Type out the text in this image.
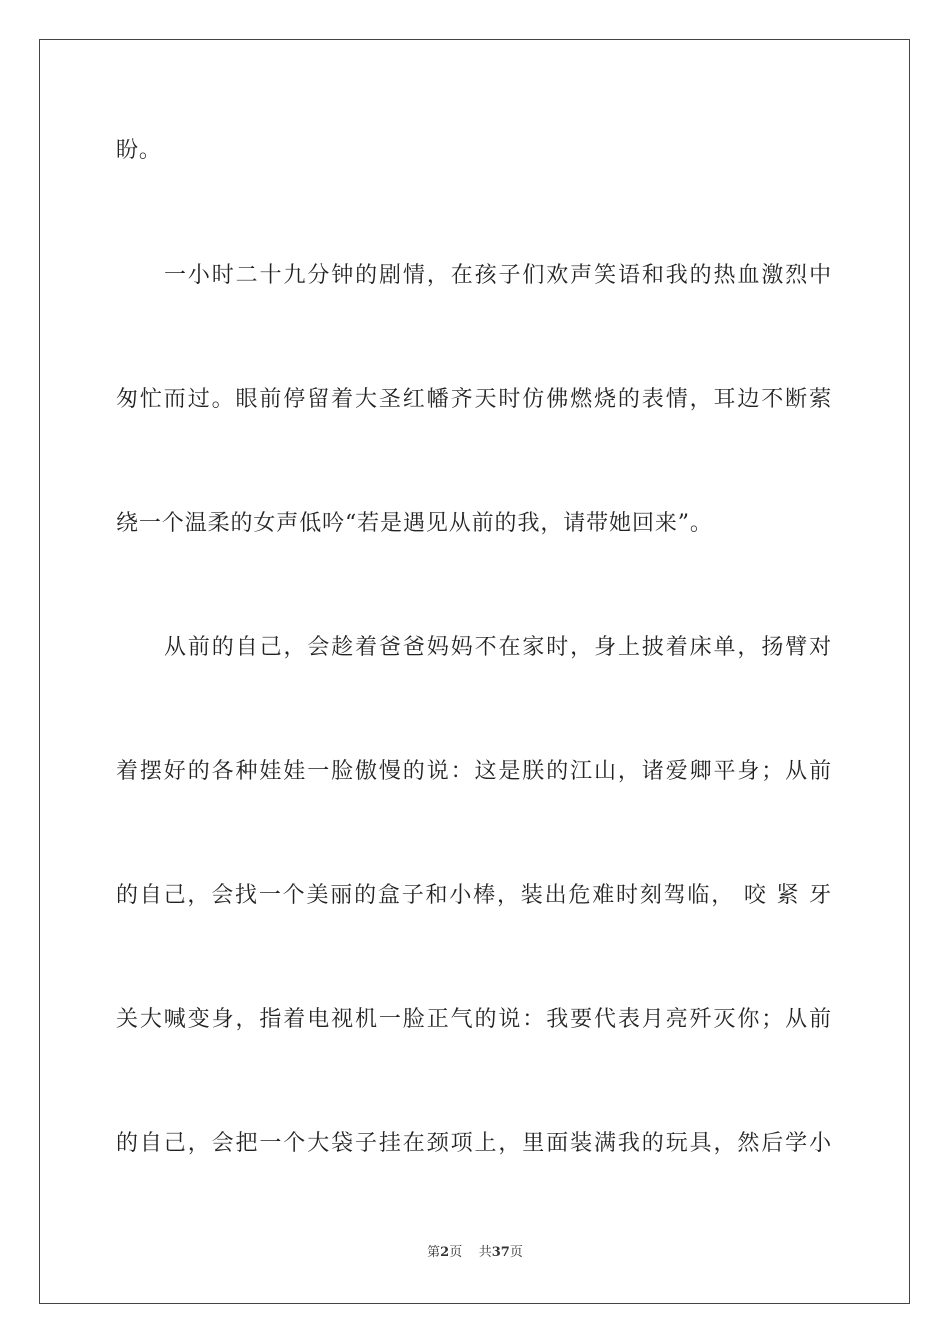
盼。
一小时二十九分钟的剧情，在孩子们欢声笑语和我的热血激烈中
匆忙而过。眼前停留着大圣红幡齐天时仿佛燃烧的表情，耳边不断萦
绕一个温柔的女声低吟“若是遇见从前的我，请带她回来”。
从前的自己，会趁着爸爸妈妈不在家时，身上披着床单，扬臂对
着摆好的各种娃娃一脸傲慢的说：这是朕的江山，诸爱卿平身；从前
的自己，会找一个美丽的盒子和小棒，装出危难时刻驾临， 咬 紧 牙
关大喊变身，指着电视机一脸正气的说：我要代表月亮歼灭你；从前
的自己，会把一个大袋子挂在颈项上，里面装满我的玩具，然后学小
第2页 共37页
